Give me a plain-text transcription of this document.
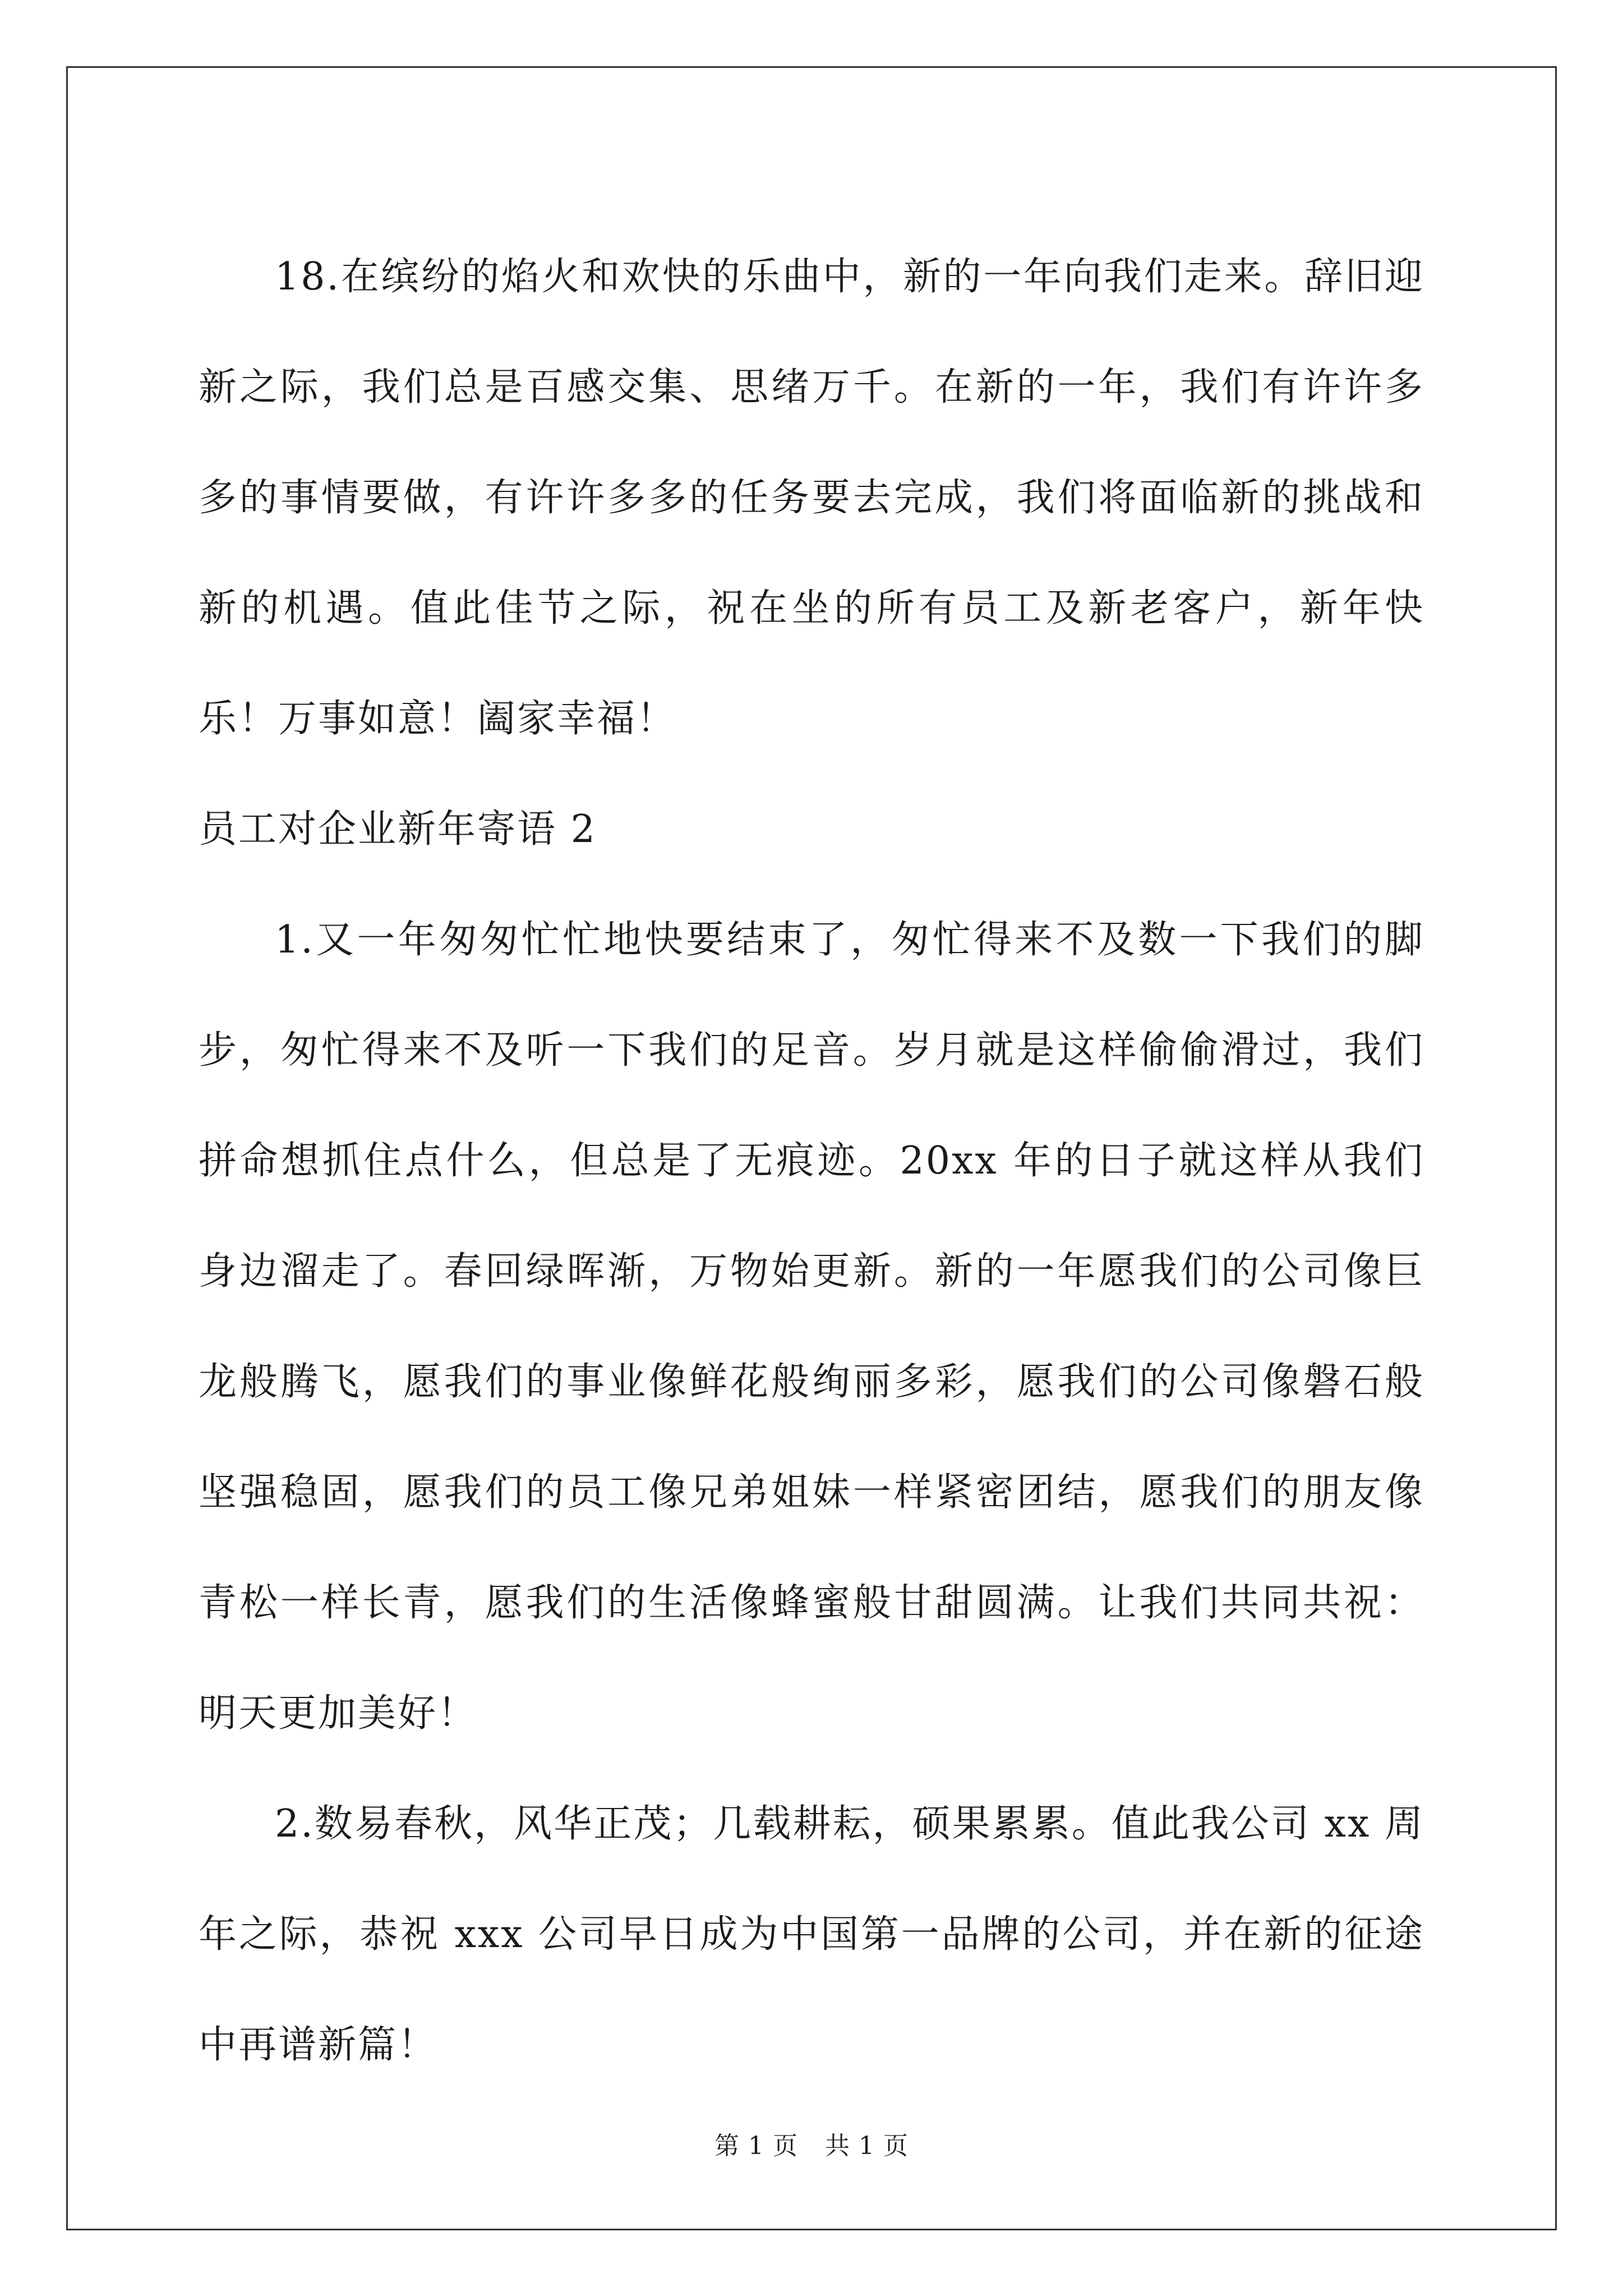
18.在缤纷的焰火和欢快的乐曲中，新的一年向我们走来。辞旧迎新之际，我们总是百感交集、思绪万千。在新的一年，我们有许许多多的事情要做，有许许多多的任务要去完成，我们将面临新的挑战和新的机遇。值此佳节之际，祝在坐的所有员工及新老客户，新年快乐！万事如意！阖家幸福！

员工对企业新年寄语 2

1.又一年匆匆忙忙地快要结束了，匆忙得来不及数一下我们的脚步，匆忙得来不及听一下我们的足音。岁月就是这样偷偷滑过，我们拼命想抓住点什么，但总是了无痕迹。20xx 年的日子就这样从我们身边溜走了。春回绿晖渐，万物始更新。新的一年愿我们的公司像巨龙般腾飞，愿我们的事业像鲜花般绚丽多彩，愿我们的公司像磐石般坚强稳固，愿我们的员工像兄弟姐妹一样紧密团结，愿我们的朋友像青松一样长青，愿我们的生活像蜂蜜般甘甜圆满。让我们共同共祝：明天更加美好！

2.数易春秋，风华正茂；几载耕耘，硕果累累。值此我公司 xx 周年之际，恭祝 xxx 公司早日成为中国第一品牌的公司，并在新的征途中再谱新篇！

第 1 页 共 1 页
